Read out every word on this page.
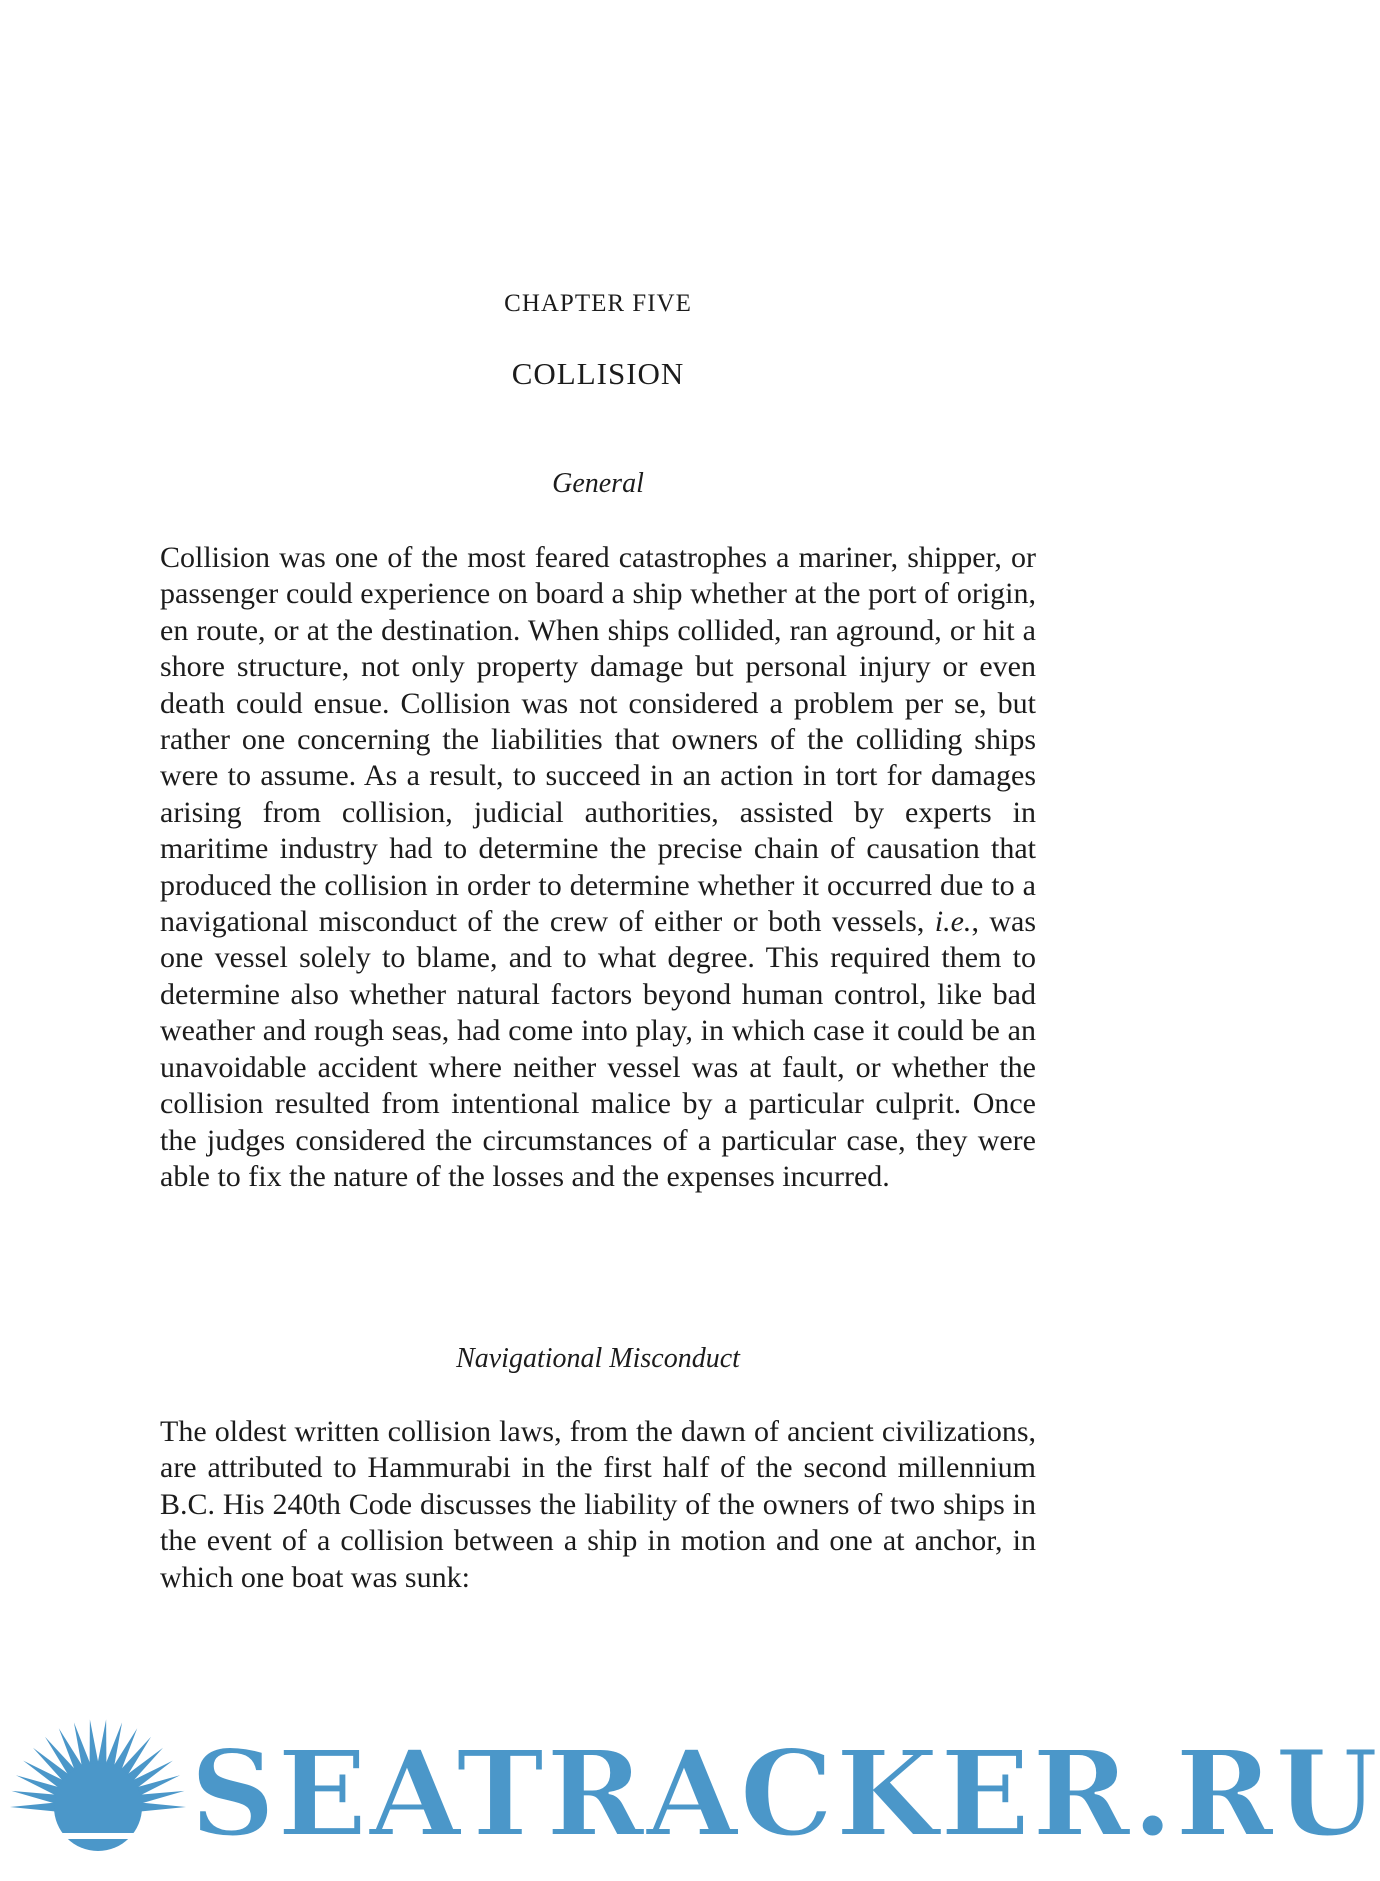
CHAPTER FIVE
COLLISION
General

Collision was one of the most feared catastrophes a mariner, shipper, or passenger could experience on board a ship whether at the port of origin, en route, or at the destination. When ships collided, ran aground, or hit a shore structure, not only property damage but personal injury or even death could ensue. Collision was not considered a problem per se, but rather one concerning the liabilities that owners of the colliding ships were to assume. As a result, to succeed in an action in tort for damages arising from collision, judicial authorities, assisted by experts in maritime industry had to determine the precise chain of causation that produced the collision in order to determine whether it occurred due to a navigational misconduct of the crew of either or both vessels, i.e., was one vessel solely to blame, and to what degree. This required them to determine also whether natural factors beyond human control, like bad weather and rough seas, had come into play, in which case it could be an unavoidable accident where neither vessel was at fault, or whether the collision resulted from intentional malice by a particular culprit. Once the judges considered the circumstances of a particular case, they were able to fix the nature of the losses and the expenses incurred.

Navigational Misconduct

The oldest written collision laws, from the dawn of ancient civilizations, are attributed to Hammurabi in the first half of the second millennium B.C. His 240th Code discusses the liability of the owners of two ships in the event of a collision between a ship in motion and one at anchor, in which one boat was sunk:

SEATRACKER.RU
